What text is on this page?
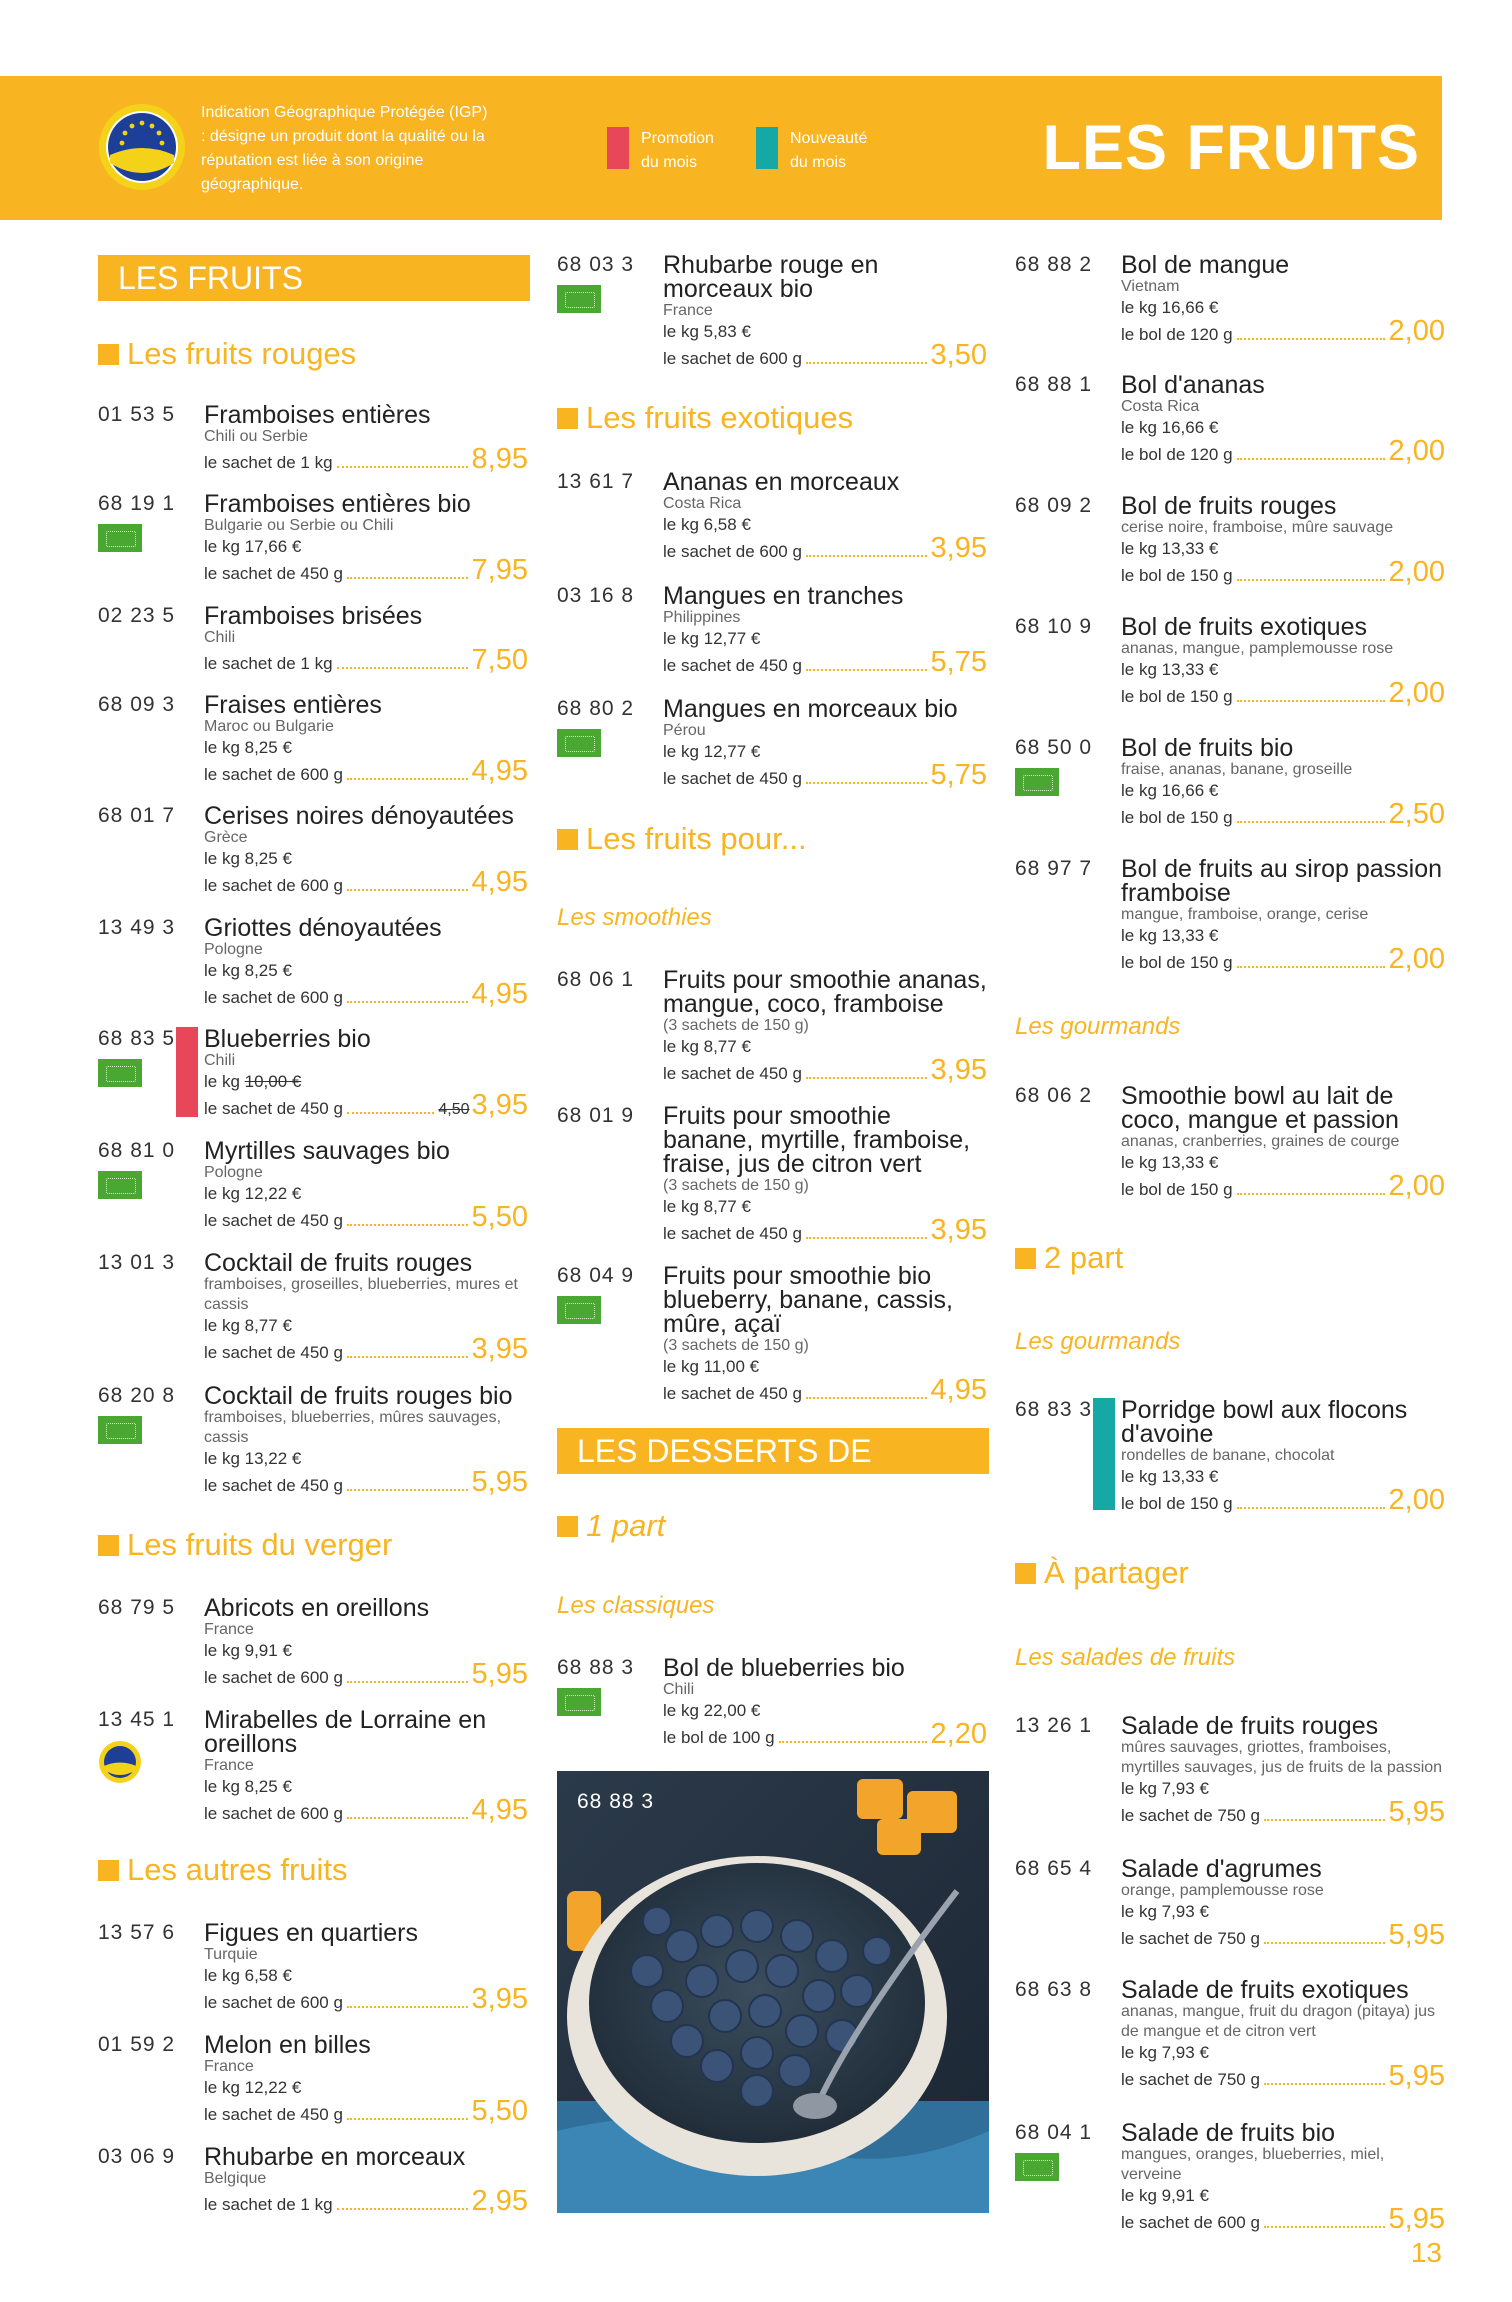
Indication Géographique Protégée (IGP) : désigne un produit dont la qualité ou la réputation est liée à son origine géographique.
Promotion
du mois
Nouveauté
du mois	LES FRUITS
LES FRUITS
Les fruits rouges
01 53 5 Framboises entières
Chili ou Serbie
le sachet de 1 kg	8,95
68 19 1 Framboises entières bio
Bulgarie ou Serbie ou Chili
le kg 17,66 €
le sachet de 450 g	7,95
02 23 5 Framboises brisées
Chili
le sachet de 1 kg	7,50
68 09 3 Fraises entières
Maroc ou Bulgarie
le kg 8,25 €
le sachet de 600 g	4,95
68 01 7 Cerises noires dénoyautées
Grèce
le kg 8,25 €
le sachet de 600 g	4,95
13 49 3 Griottes dénoyautées
Pologne
le kg 8,25 €
le sachet de 600 g	4,95
68 83 5 Blueberries bio
Chili
le kg 10,00 €
le sachet de 450 g	4,50 3,95
68 81 0 Myrtilles sauvages bio
Pologne
le kg 12,22 €
le sachet de 450 g	5,50
13 01 3 Cocktail de fruits rouges
framboises, groseilles, blueberries, mures et cassis
le kg 8,77 €
le sachet de 450 g	3,95
68 20 8 Cocktail de fruits rouges bio
framboises, blueberries, mûres sauvages, cassis
le kg 13,22 €
le sachet de 450 g	5,95
Les fruits du verger
68 79 5 Abricots en oreillons
France
le kg 9,91 €
le sachet de 600 g	5,95
13 45 1 Mirabelles de Lorraine en oreillons
France
le kg 8,25 €
le sachet de 600 g	4,95
Les autres fruits
13 57 6 Figues en quartiers
Turquie
le kg 6,58 €
le sachet de 600 g	3,95
01 59 2 Melon en billes
France
le kg 12,22 €
le sachet de 450 g	5,50
03 06 9 Rhubarbe en morceaux
Belgique
le sachet de 1 kg	2,95
68 03 3 Rhubarbe rouge en morceaux bio
France
le kg 5,83 €
le sachet de 600 g	3,50
Les fruits exotiques
13 61 7 Ananas en morceaux
Costa Rica
le kg 6,58 €
le sachet de 600 g	3,95
03 16 8 Mangues en tranches
Philippines
le kg 12,77 €
le sachet de 450 g	5,75
68 80 2 Mangues en morceaux bio
Pérou
le kg 12,77 €
le sachet de 450 g	5,75
Les fruits pour...
Les smoothies
68 06 1 Fruits pour smoothie ananas, mangue, coco, framboise
(3 sachets de 150 g)
le kg 8,77 €
le sachet de 450 g	3,95
68 01 9 Fruits pour smoothie banane, myrtille, framboise, fraise, jus de citron vert
(3 sachets de 150 g)
le kg 8,77 €
le sachet de 450 g	3,95
68 04 9 Fruits pour smoothie bio blueberry, banane, cassis, mûre, açaï
(3 sachets de 150 g)
le kg 11,00 €
le sachet de 450 g	4,95
LES DESSERTS DE FRUITS
1 part
Les classiques
68 88 3 Bol de blueberries bio
Chili
le kg 22,00 €
le bol de 100 g	2,20
68 88 3
68 88 2 Bol de mangue
Vietnam
le kg 16,66 €
le bol de 120 g	2,00
68 88 1 Bol d'ananas
Costa Rica
le kg 16,66 €
le bol de 120 g	2,00
68 09 2 Bol de fruits rouges
cerise noire, framboise, mûre sauvage
le kg 13,33 €
le bol de 150 g	2,00
68 10 9 Bol de fruits exotiques
ananas, mangue, pamplemousse rose
le kg 13,33 €
le bol de 150 g	2,00
68 50 0 Bol de fruits bio
fraise, ananas, banane, groseille
le kg 16,66 €
le bol de 150 g	2,50
68 97 7 Bol de fruits au sirop passion framboise
mangue, framboise, orange, cerise
le kg 13,33 €
le bol de 150 g	2,00
Les gourmands
68 06 2 Smoothie bowl au lait de coco, mangue et passion
ananas, cranberries, graines de courge
le kg 13,33 €
le bol de 150 g	2,00
2 part
Les gourmands
68 83 3 Porridge bowl aux flocons d'avoine
rondelles de banane, chocolat
le kg 13,33 €
le bol de 150 g	2,00
À partager
Les salades de fruits
13 26 1 Salade de fruits rouges
mûres sauvages, griottes, framboises, myrtilles sauvages, jus de fruits de la passion
le kg 7,93 €
le sachet de 750 g	5,95
68 65 4 Salade d'agrumes
orange, pamplemousse rose
le kg 7,93 €
le sachet de 750 g	5,95
68 63 8 Salade de fruits exotiques
ananas, mangue, fruit du dragon (pitaya) jus de mangue et de citron vert
le kg 7,93 €
le sachet de 750 g	5,95
68 04 1 Salade de fruits bio
mangues, oranges, blueberries, miel, verveine
le kg 9,91 €
le sachet de 600 g	5,95
13
